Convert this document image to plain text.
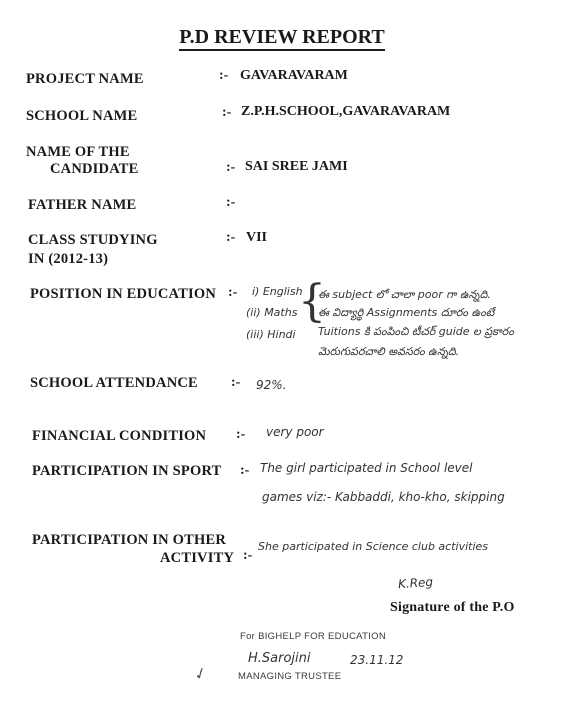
P.D REVIEW REPORT
PROJECT NAME	:- GAVARAVARAM
SCHOOL NAME	:- Z.P.H.SCHOOL,GAVARAVARAM
NAME OF THE
CANDIDATE	:- SAI SREE JAMI
FATHER NAME	:-
CLASS STUDYING
IN (2012-13)
:- VII
POSITION IN EDUCATION :- i) English
(ii) Maths
(iii) Hindi
{
ఈ subject లో చాలా poor గా ఉన్నది.
ఈ విద్యార్థి Assignments దూరం ఉంటే
Tuitions కి పంపించి టీచర్ guide ల ప్రకారం
మెరుగుపరచాలి అవసరం ఉన్నది.
SCHOOL ATTENDANCE :- 92%.
FINANCIAL CONDITION :- very poor
PARTICIPATION IN SPORT :- The girl participated in School level
games viz:- Kabbaddi, kho-kho, skipping
PARTICIPATION IN OTHER
ACTIVITY :-
She participated in Science club activities
K.Reg
Signature of the P.O
For BIGHELP FOR EDUCATION
H.Sarojini	23.11.12
MANAGING TRUSTEE
✓
